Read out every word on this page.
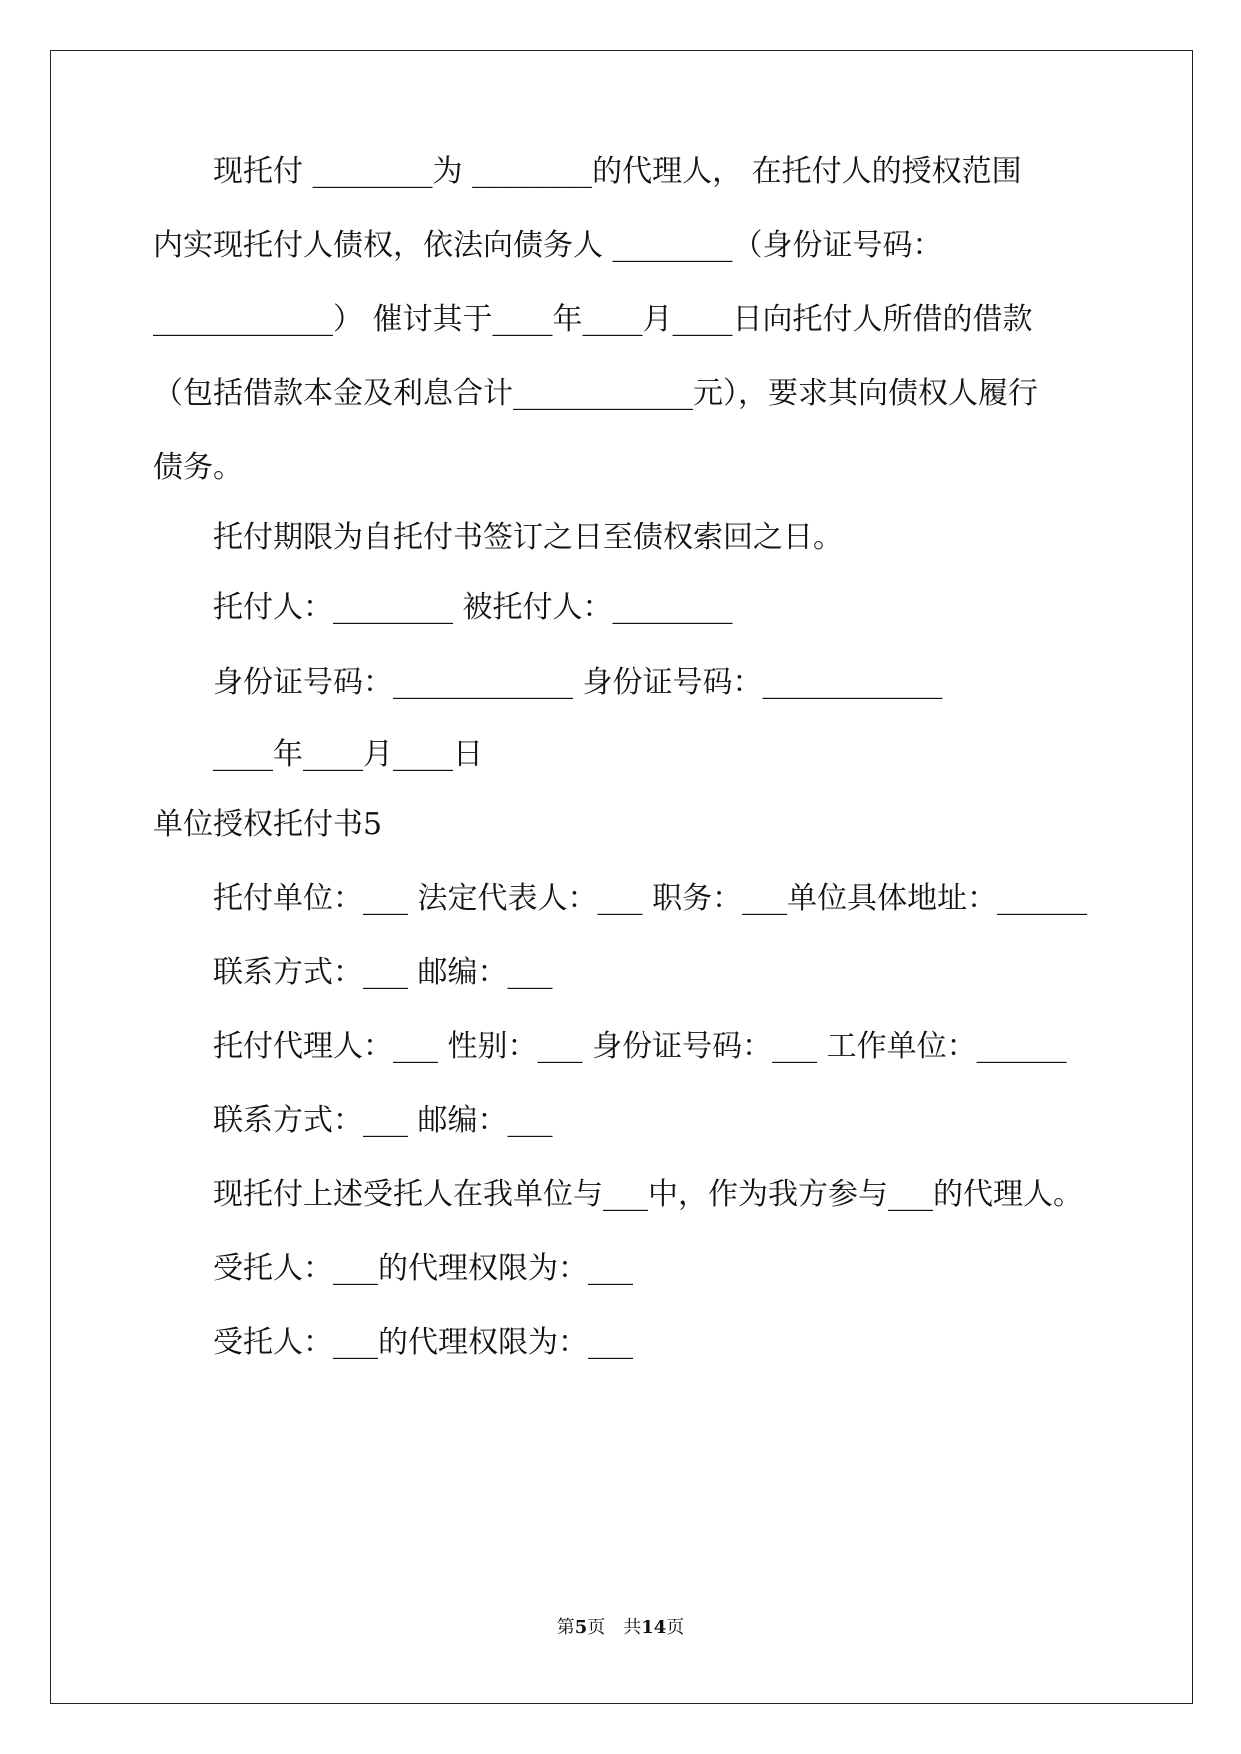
现托付 ________为 ________的代理人， 在托付人的授权范围
内实现托付人债权，依法向债务人 ________（身份证号码：
____________） 催讨其于____年____月____日向托付人所借的借款
（包括借款本金及利息合计____________元），要求其向债权人履行
债务。
托付期限为自托付书签订之日至债权索回之日。
托付人：________ 被托付人：________
身份证号码：____________ 身份证号码：____________
____年____月____日
单位授权托付书5
托付单位：___ 法定代表人：___ 职务：___单位具体地址：______
联系方式：___ 邮编：___
托付代理人：___ 性别：___ 身份证号码：___ 工作单位：______
联系方式：___ 邮编：___
现托付上述受托人在我单位与___中，作为我方参与___的代理人。
受托人：___的代理权限为：___
受托人：___的代理权限为：___
第5页　共14页
